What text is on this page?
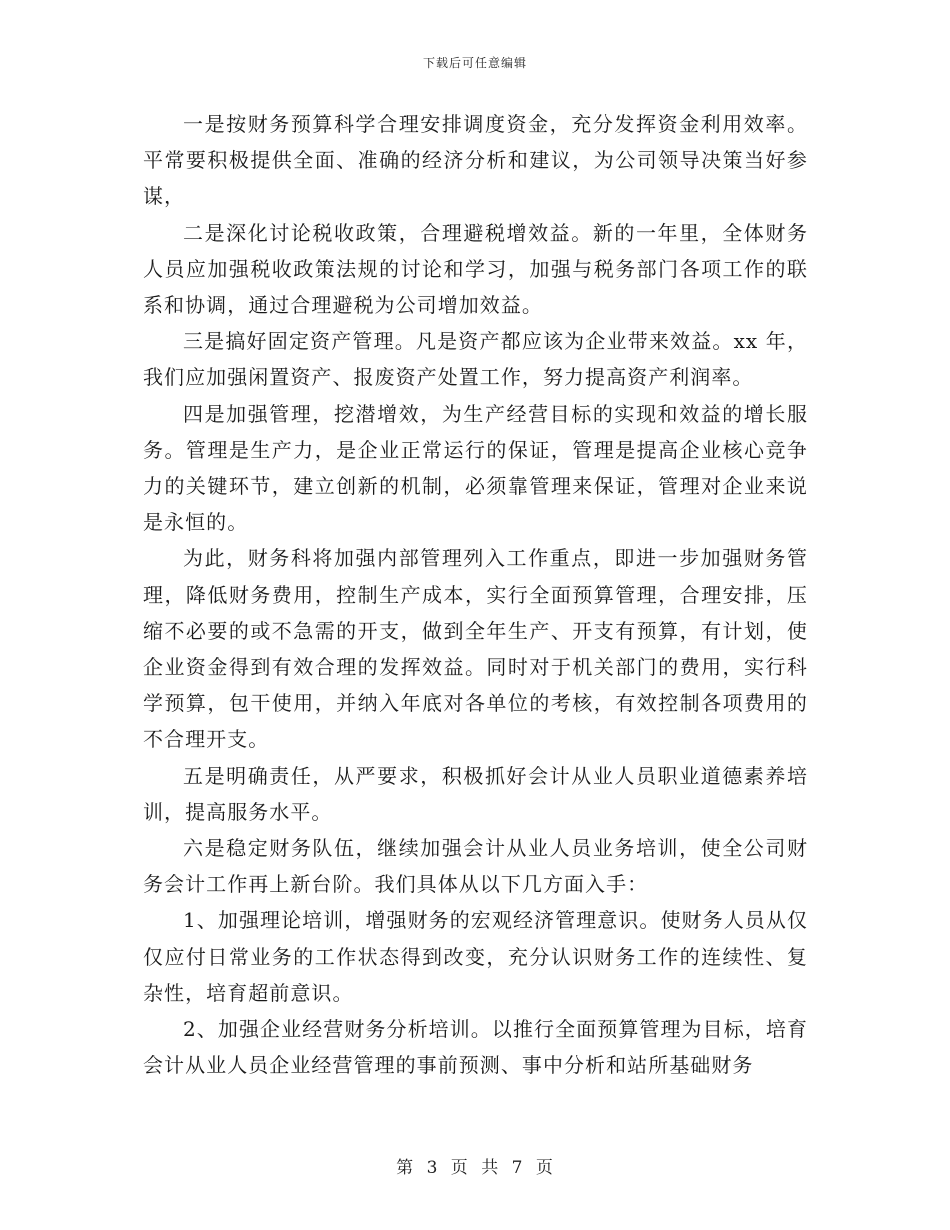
下载后可任意编辑

一是按财务预算科学合理安排调度资金，充分发挥资金利用效率。平常要积极提供全面、准确的经济分析和建议，为公司领导决策当好参谋，

二是深化讨论税收政策，合理避税增效益。新的一年里，全体财务人员应加强税收政策法规的讨论和学习，加强与税务部门各项工作的联系和协调，通过合理避税为公司增加效益。

三是搞好固定资产管理。凡是资产都应该为企业带来效益。xx 年，我们应加强闲置资产、报废资产处置工作，努力提高资产利润率。

四是加强管理，挖潜增效，为生产经营目标的实现和效益的增长服务。管理是生产力，是企业正常运行的保证，管理是提高企业核心竞争力的关键环节，建立创新的机制，必须靠管理来保证，管理对企业来说是永恒的。

为此，财务科将加强内部管理列入工作重点，即进一步加强财务管理，降低财务费用，控制生产成本，实行全面预算管理，合理安排，压缩不必要的或不急需的开支，做到全年生产、开支有预算，有计划，使企业资金得到有效合理的发挥效益。同时对于机关部门的费用，实行科学预算，包干使用，并纳入年底对各单位的考核，有效控制各项费用的不合理开支。

五是明确责任，从严要求，积极抓好会计从业人员职业道德素养培训，提高服务水平。

六是稳定财务队伍，继续加强会计从业人员业务培训，使全公司财务会计工作再上新台阶。我们具体从以下几方面入手：

1、加强理论培训，增强财务的宏观经济管理意识。使财务人员从仅仅应付日常业务的工作状态得到改变，充分认识财务工作的连续性、复杂性，培育超前意识。

2、加强企业经营财务分析培训。以推行全面预算管理为目标，培育会计从业人员企业经营管理的事前预测、事中分析和站所基础财务

第 3 页 共 7 页
